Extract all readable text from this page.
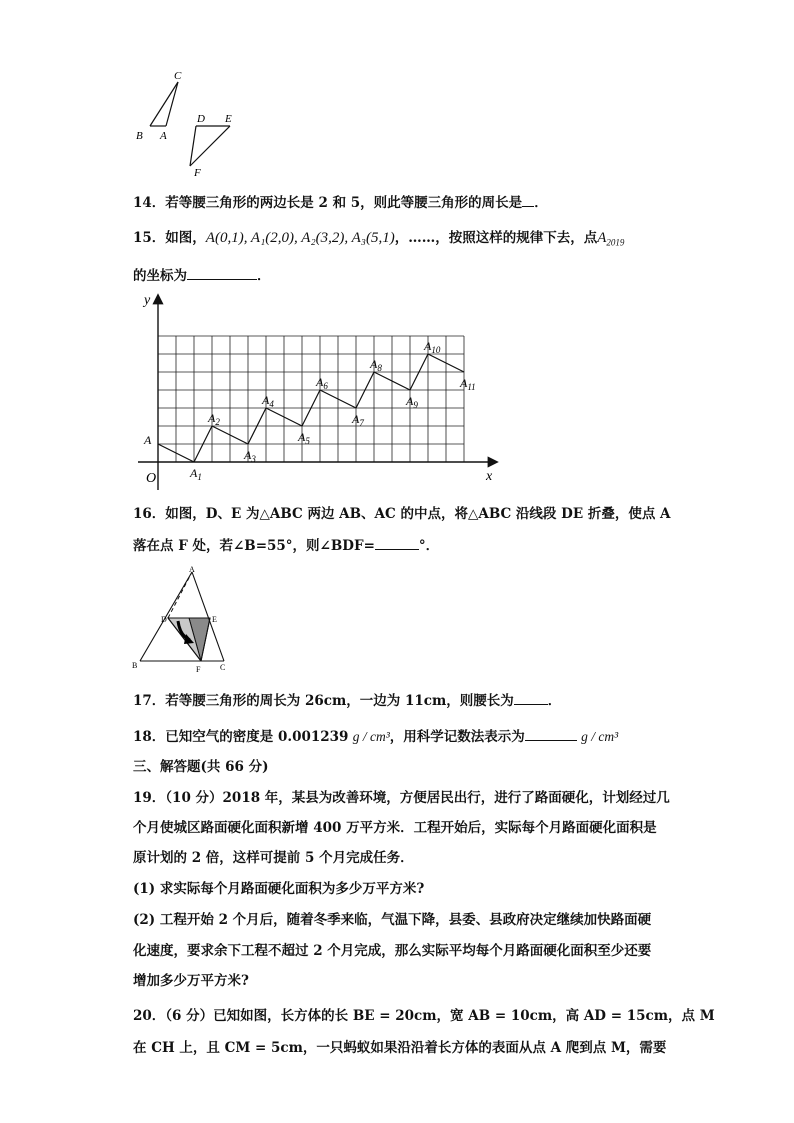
C
B A
D E
F
14．若等腰三角形的两边长是 2 和 5，则此等腰三角形的周长是 ．
15．如图，A(0,1), A₁(2,0), A₂(3,2), A₃(5,1)，……，按照这样的规律下去，点$A_{2019}$
的坐标为	．
y
x
O
A
$A_1$
$A_2$
$A_3$
$A_4$
$A_5$
$A_6$
$A_7$
$A_8$
$A_9$
$A_{10}$
$A_{11}$
16．如图，D、E 为△ABC 两边 AB、AC 的中点，将△ABC 沿线段 DE 折叠，使点 A
落在点 F 处，若∠B=55°，则∠BDF=	°．
A
D	E
B	F C
17．若等腰三角形的周长为 26cm，一边为 11cm，则腰长为	．
18．已知空气的密度是 0.001239 g / cm³，用科学记数法表示为	g / cm³
三、解答题(共 66 分)
19．（10 分）2018 年，某县为改善环境，方便居民出行，进行了路面硬化，计划经过几
个月使城区路面硬化面积新增 400 万平方米．工程开始后，实际每个月路面硬化面积是
原计划的 2 倍，这样可提前 5 个月完成任务．
(1) 求实际每个月路面硬化面积为多少万平方米?
(2) 工程开始 2 个月后，随着冬季来临，气温下降，县委、县政府决定继续加快路面硬
化速度，要求余下工程不超过 2 个月完成，那么实际平均每个月路面硬化面积至少还要
增加多少万平方米?
20．（6 分）已知如图，长方体的长 BE = 20cm，宽 AB = 10cm，高 AD = 15cm，点 M
在 CH 上，且 CM = 5cm，一只蚂蚁如果沿沿着长方体的表面从点 A 爬到点 M，需要
